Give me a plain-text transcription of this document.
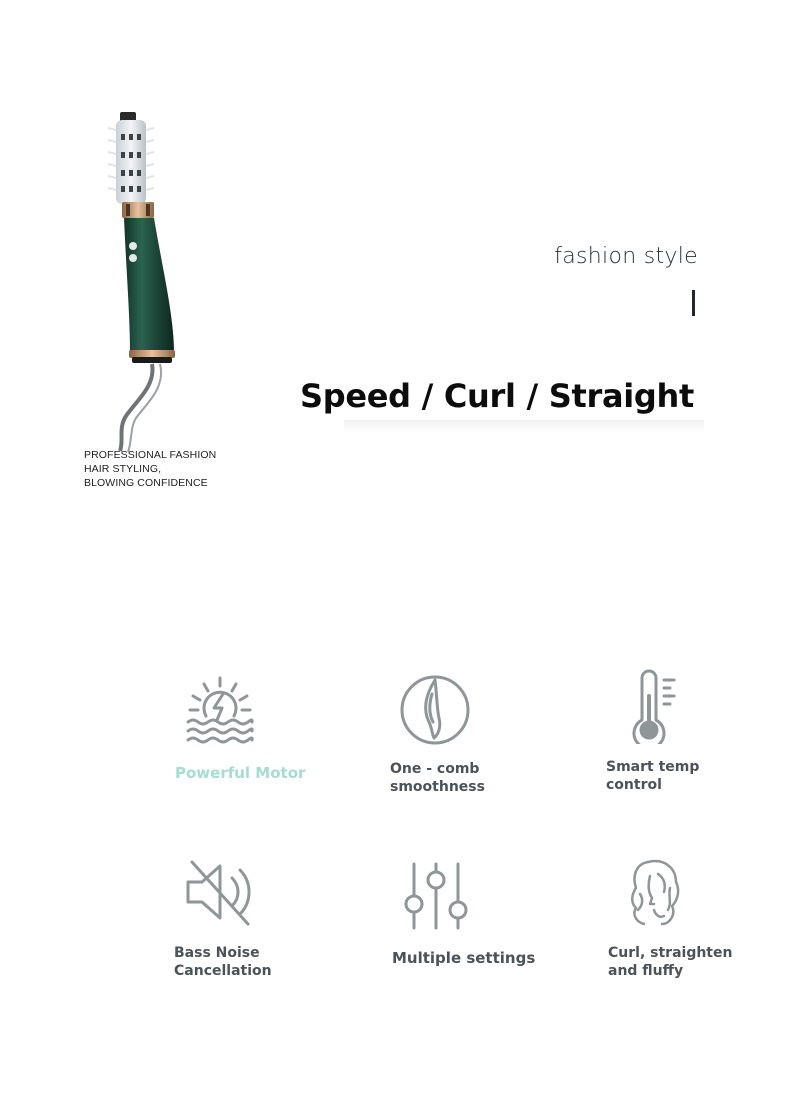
PROFESSIONAL FASHION
HAIR STYLING,
BLOWING CONFIDENCE
fashion style
Speed / Curl / Straight
Powerful Motor	One - comb
smoothness
Smart temp
control
Bass Noise
Cancellation
Multiple settings	Curl, straighten
and fluffy
